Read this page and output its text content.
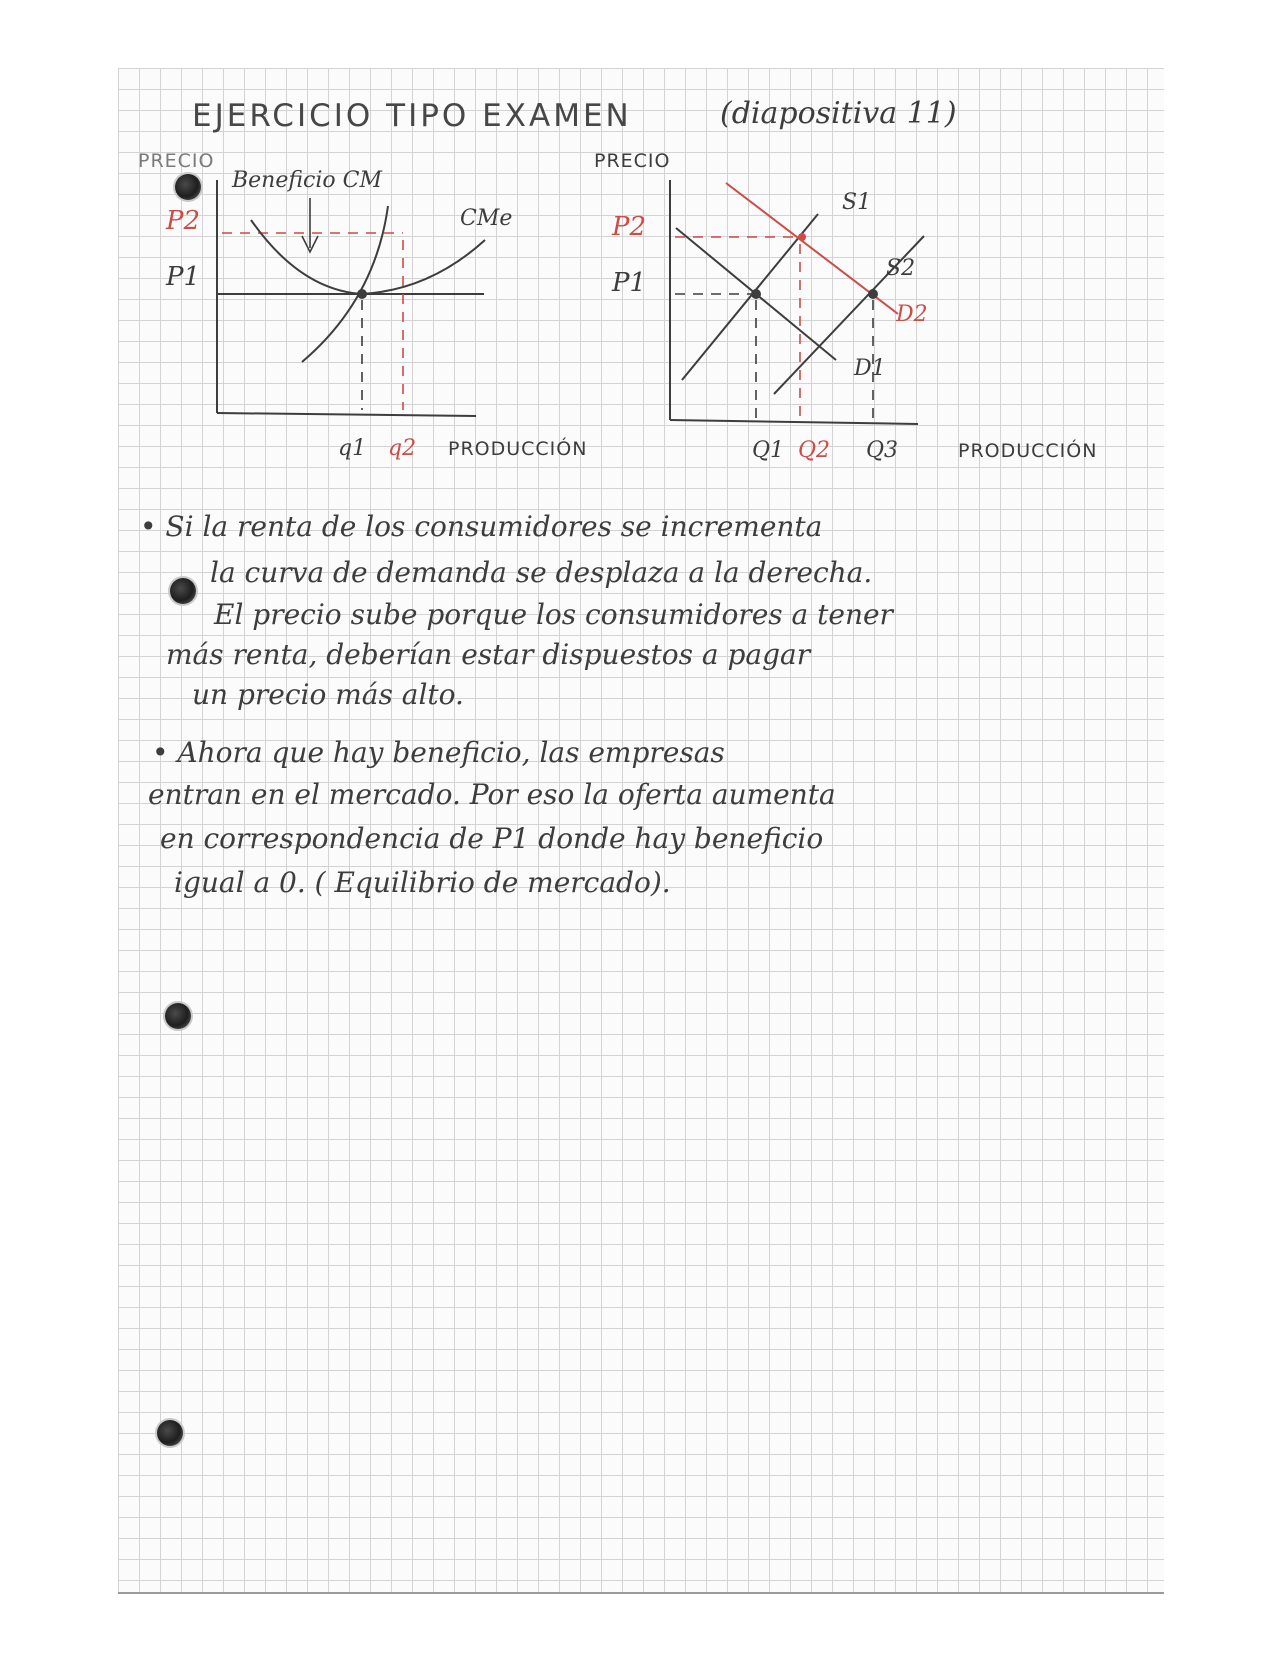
EJERCICIO TIPO EXAMEN	(diapositiva 11)
PRECIO
Beneficio CM
CMe
P2
P1
q1 q2 PRODUCCIÓN
PRECIO
P2
P1
S1
S2
D2
D1
Q1 Q2 Q3	PRODUCCIÓN
• Si la renta de los consumidores se incrementa
la curva de demanda se desplaza a la derecha.
El precio sube porque los consumidores a tener
más renta, deberían estar dispuestos a pagar
un precio más alto.
• Ahora que hay beneficio, las empresas
entran en el mercado. Por eso la oferta aumenta
en correspondencia de P1 donde hay beneficio
igual a 0. ( Equilibrio de mercado).
